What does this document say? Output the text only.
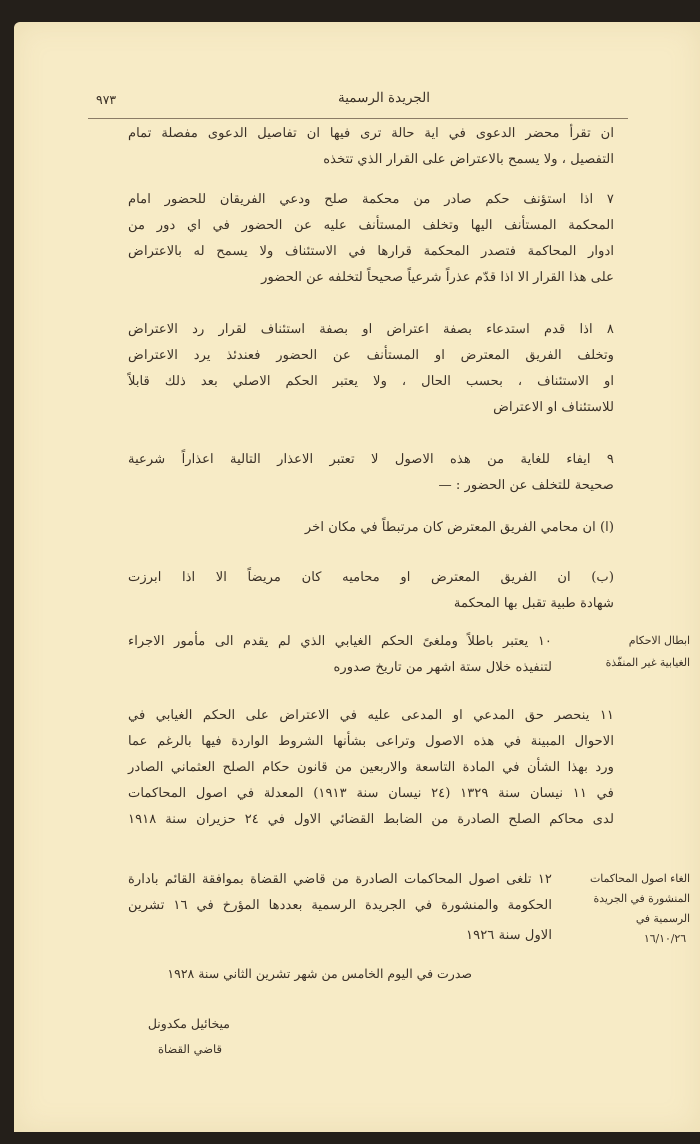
الجريدة الرسمية
٩٧٣
ان تقرأ محضر الدعوى في اية حالة ترى فيها ان تفاصيل الدعوى مفصلة تمام
التفصيل ، ولا يسمح بالاعتراض على القرار الذي تتخذه
٧ اذا استؤنف حكم صادر من محكمة صلح ودعي الفريقان للحضور امام
المحكمة المستأنف اليها وتخلف المستأنف عليه عن الحضور في اي دور من
ادوار المحاكمة فتصدر المحكمة قرارها في الاستئناف ولا يسمح له بالاعتراض
على هذا القرار الا اذا قدّم عذراً شرعياً صحيحاً لتخلفه عن الحضور
٨ اذا قدم استدعاء بصفة اعتراض او بصفة استئناف لقرار رد الاعتراض
وتخلف الفريق المعترض او المستأنف عن الحضور فعندئذ يرد الاعتراض
او الاستئناف ، بحسب الحال ، ولا يعتبر الحكم الاصلي بعد ذلك قابلاً
للاستئناف او الاعتراض
٩ ايفاء للغاية من هذه الاصول لا تعتبر الاعذار التالية اعذاراً شرعية
صحيحة للتخلف عن الحضور : —
(ا) ان محامي الفريق المعترض كان مرتبطاً في مكان اخر
(ب) ان الفريق المعترض او محاميه كان مريضاً الا اذا ابرزت
شهادة طبية تقبل بها المحكمة
ابطال الاحكام
الغيابية غير المنفّذة
١٠ يعتبر باطلاً وملغىً الحكم الغيابي الذي لم يقدم الى مأمور الاجراء
لتنفيذه خلال ستة اشهر من تاريخ صدوره
١١ ينحصر حق المدعي او المدعى عليه في الاعتراض على الحكم الغيابي في
الاحوال المبينة في هذه الاصول وتراعى بشأنها الشروط الواردة فيها بالرغم عما
ورد بهذا الشأن في المادة التاسعة والاربعين من قانون حكام الصلح العثماني الصادر
في ١١ نيسان سنة ١٣٢٩ (٢٤ نيسان سنة ١٩١٣) المعدلة في اصول المحاكمات
لدى محاكم الصلح الصادرة من الضابط القضائي الاول في ٢٤ حزيران سنة ١٩١٨
الغاء اصول المحاكمات
المنشورة في الجريدة
الرسمية في
١٦/١٠/٢٦
١٢ تلغى اصول المحاكمات الصادرة من قاضي القضاة بموافقة القائم بادارة
الحكومة والمنشورة في الجريدة الرسمية بعددها المؤرخ في ١٦ تشرين
الاول سنة ١٩٢٦
صدرت في اليوم الخامس من شهر تشرين الثاني سنة ١٩٢٨
ميخائيل مكدونل
قاضي القضاة
